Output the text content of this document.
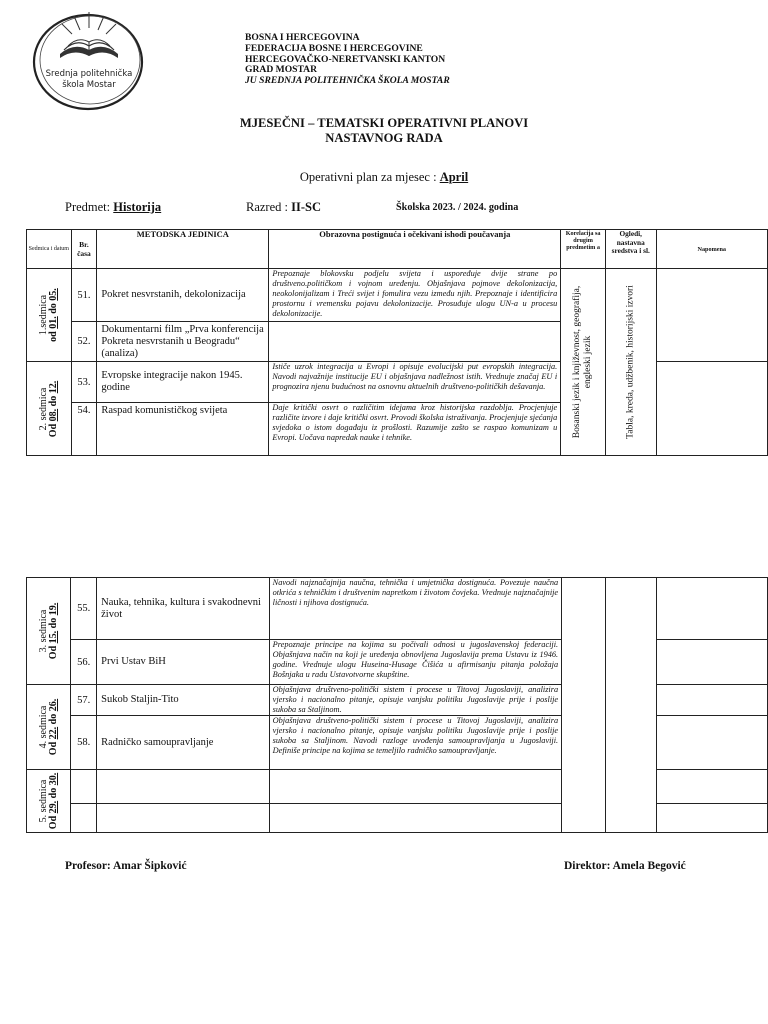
Srednja politehnička
škola Mostar
BOSNA I HERCEGOVINA
FEDERACIJA BOSNE I HERCEGOVINE
HERCEGOVAČKO-NERETVANSKI KANTON
GRAD MOSTAR
JU SREDNJA POLITEHNIČKA ŠKOLA MOSTAR
MJESEČNI – TEMATSKI OPERATIVNI PLANOVI
NASTAVNOG RADA
Operativni plan za mjesec : April
Predmet: Historija	Razred : II-SC	Školska 2023. / 2024. godina
Sedmica i datum	Br. časa	METODSKA JEDINICA	Obrazovna postignuća i očekivani ishodi poučavanja	Korelacija sa drugim predmetim a	Ogledi, nastavna sredstva i sl.	Napomena

1.sedmica
od 01. do 05.	51.	Pokret nesvrstanih, dekolonizacija	Prepoznaje blokovsku podjelu svijeta i uspoređuje dvije strane po društveno.političkom i vojnom uređenju. Objašnjava pojmove dekolonizacija, neokolonijalizam i Treći svijet i fomulira vezu između njih. Prepoznaje i identificira prostornu i vremensku pojavu dekolonizacije. Prosuđuje ulogu UN-a u procesu dekolonizacije.	Bosanski jezik i književnost, geografija, engleski jezik	Tabla, kreda, udžbenik, historijski izvori	

	52.	Dokumentarni film „Prva konferencija Pokreta nesvrstanih u Beogradu“ (analiza)				

2. sedmica
Od 08. do 12.	53.	Evropske integracije nakon 1945. godine	Ističe uzrok integracija u Evropi i opisuje evolucijski put evropskih integracija. Navodi najvažnije institucije EU i objašnjava nadležnost istih. Vrednuje značaj EU i prognozira njenu budućnost na osnovnu aktuelnih društveno-političkih dešavanja.			
	54.	Raspad komunističkog svijeta	Daje kritički osvrt o različitim idejama kroz historijska razdoblja. Procjenjuje različite izvore i daje kritički osvrt. Provodi školska istraživanja. Procjenjuje sjećanja svjedoka o istom događaju iz prošlosti. Razumije zašto se raspao komunizam u Evropi. Uočava napredak nauke i tehnike.			
3. sedmica
Od 15. do 19.	55.	Nauka, tehnika, kultura i svakodnevni život	Navodi najznačajnija naučna, tehnička i umjetnička dostignuća. Povezuje naučna otkrića s tehničkim i društvenim napretkom i životom čovjeka. Vrednuje najznačajnije ličnosti i njihova dostignuća.			
	56.	Prvi Ustav BiH	Prepoznaje principe na kojima su počivali odnosi u jugoslavenskoj federaciji. Objašnjava način na koji je uređenja obnovljena Jugoslavija prema Ustavu iz 1946. godine. Vrednuje ulogu Huseina-Husage Čišića u afirmisanju pitanja položaja Bošnjaka u radu Ustavotvorne skupštine.			

4. sedmica
Od 22. do 26.	57.	Sukob Staljin-Tito	Objašnjava društveno-politički sistem i procese u Titovoj Jugoslaviji, analizira vjersko i nacionalno pitanje, opisuje vanjsku politiku Jugoslavije prije i poslije sukoba sa Staljinom.			
	58.	Radničko samoupravljanje	Objašnjava društveno-politički sistem i procese u Titovoj Jugoslaviji, analizira vjersko i nacionalno pitanje, opisuje vanjsku politiku Jugoslavije prije i poslije sukoba sa Staljinom. Navodi razloge uvođenja samoupravljanja u Jugoslaviji. Definiše principe na kojima se temeljilo radničko samoupravljanje.			

5. sedmica
Od 29. do 30.						

Profesor: Amar Šipković	Direktor: Amela Begović
